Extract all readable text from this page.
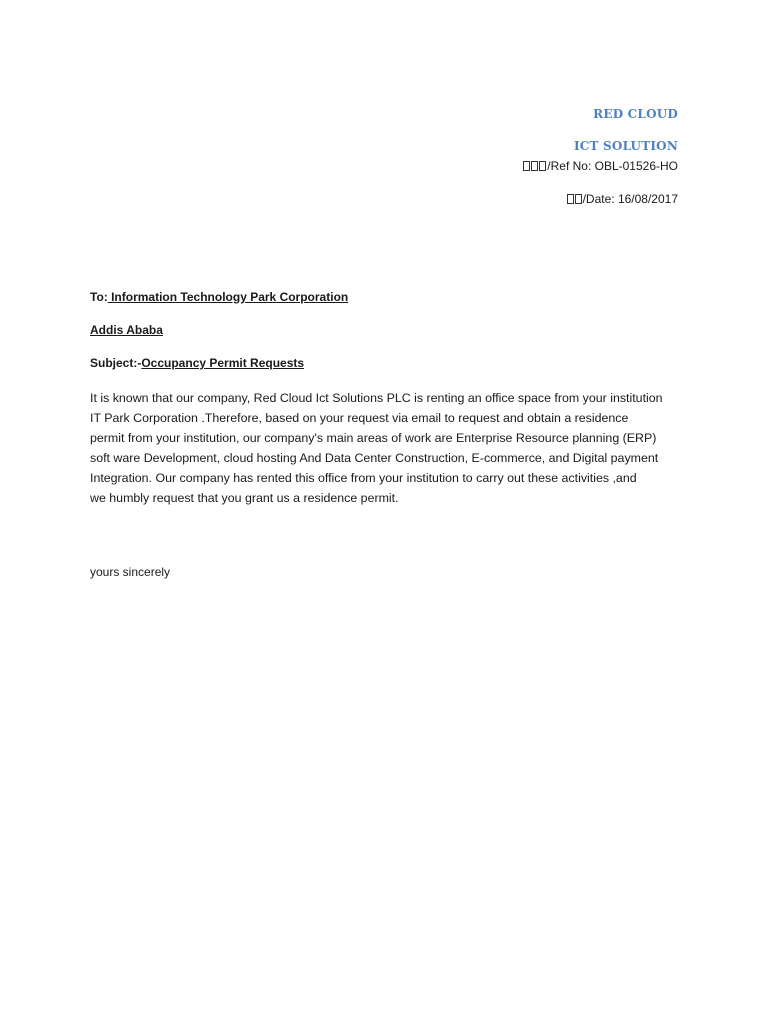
RED CLOUD

ICT SOLUTION

/Ref No: OBL-01526-HO

/Date: 16/08/2017

To: Information Technology Park Corporation

Addis Ababa

Subject:-Occupancy Permit Requests

It is known that our company, Red Cloud Ict Solutions PLC is renting an office space from your institution
IT Park Corporation .Therefore, based on your request via email to request and obtain a residence
permit from your institution, our company's main areas of work are Enterprise Resource planning (ERP)
soft ware Development, cloud hosting And Data Center Construction, E-commerce, and Digital payment
Integration. Our company has rented this office from your institution to carry out these activities ,and
we humbly request that you grant us a residence permit.

yours sincerely
